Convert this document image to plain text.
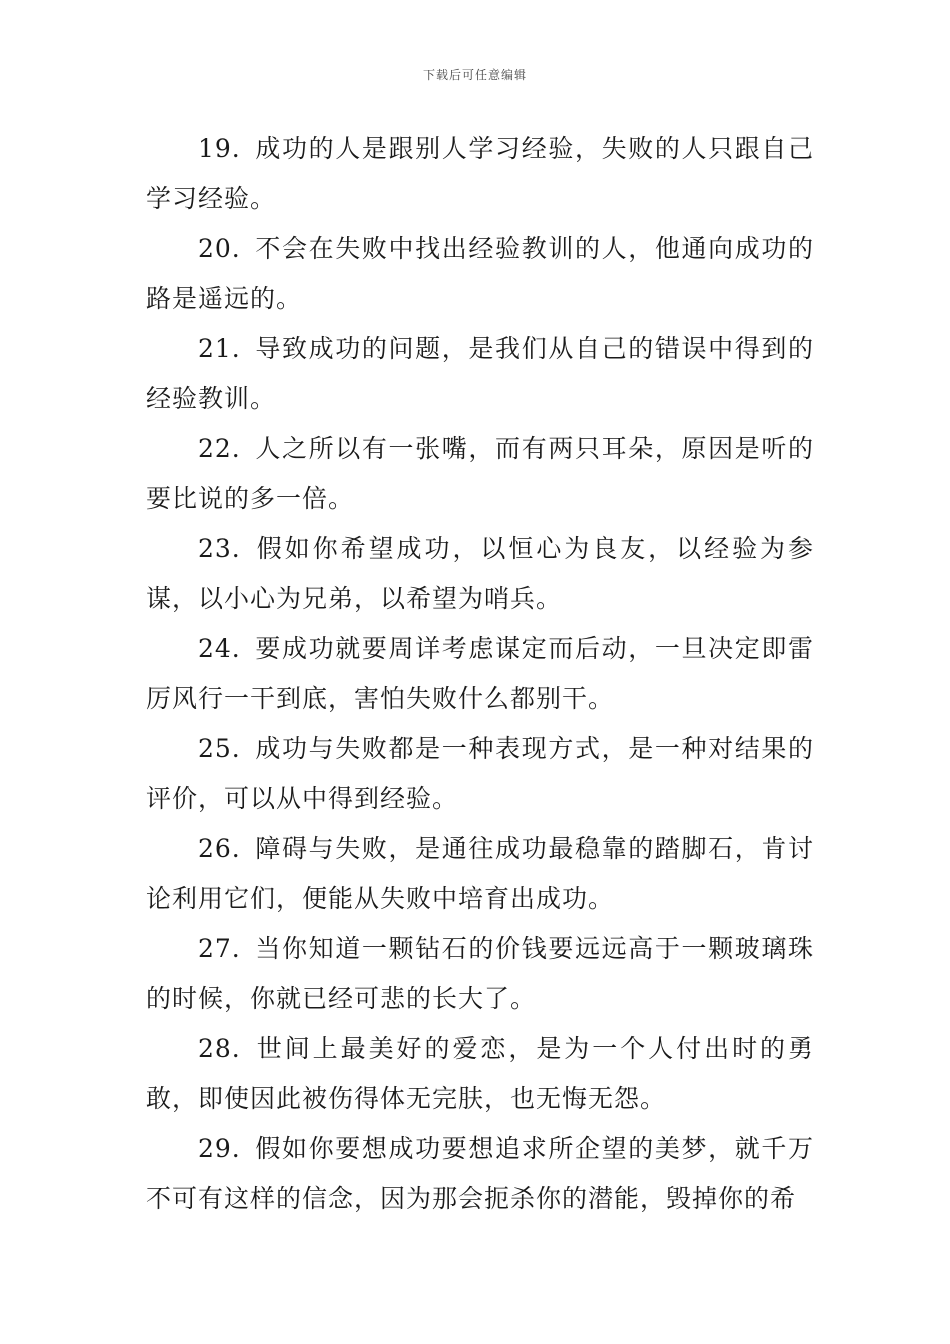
下载后可任意编辑

19. 成功的人是跟别人学习经验，失败的人只跟自己学习经验。

20. 不会在失败中找出经验教训的人，他通向成功的路是遥远的。

21. 导致成功的问题，是我们从自己的错误中得到的经验教训。

22. 人之所以有一张嘴，而有两只耳朵，原因是听的要比说的多一倍。

23. 假如你希望成功，以恒心为良友，以经验为参谋，以小心为兄弟，以希望为哨兵。

24. 要成功就要周详考虑谋定而后动，一旦决定即雷厉风行一干到底，害怕失败什么都别干。

25. 成功与失败都是一种表现方式，是一种对结果的评价，可以从中得到经验。

26. 障碍与失败，是通往成功最稳靠的踏脚石，肯讨论利用它们，便能从失败中培育出成功。

27. 当你知道一颗钻石的价钱要远远高于一颗玻璃珠的时候，你就已经可悲的长大了。

28. 世间上最美好的爱恋，是为一个人付出时的勇敢，即使因此被伤得体无完肤，也无悔无怨。

29. 假如你要想成功要想追求所企望的美梦，就千万不可有这样的信念，因为那会扼杀你的潜能，毁掉你的希
